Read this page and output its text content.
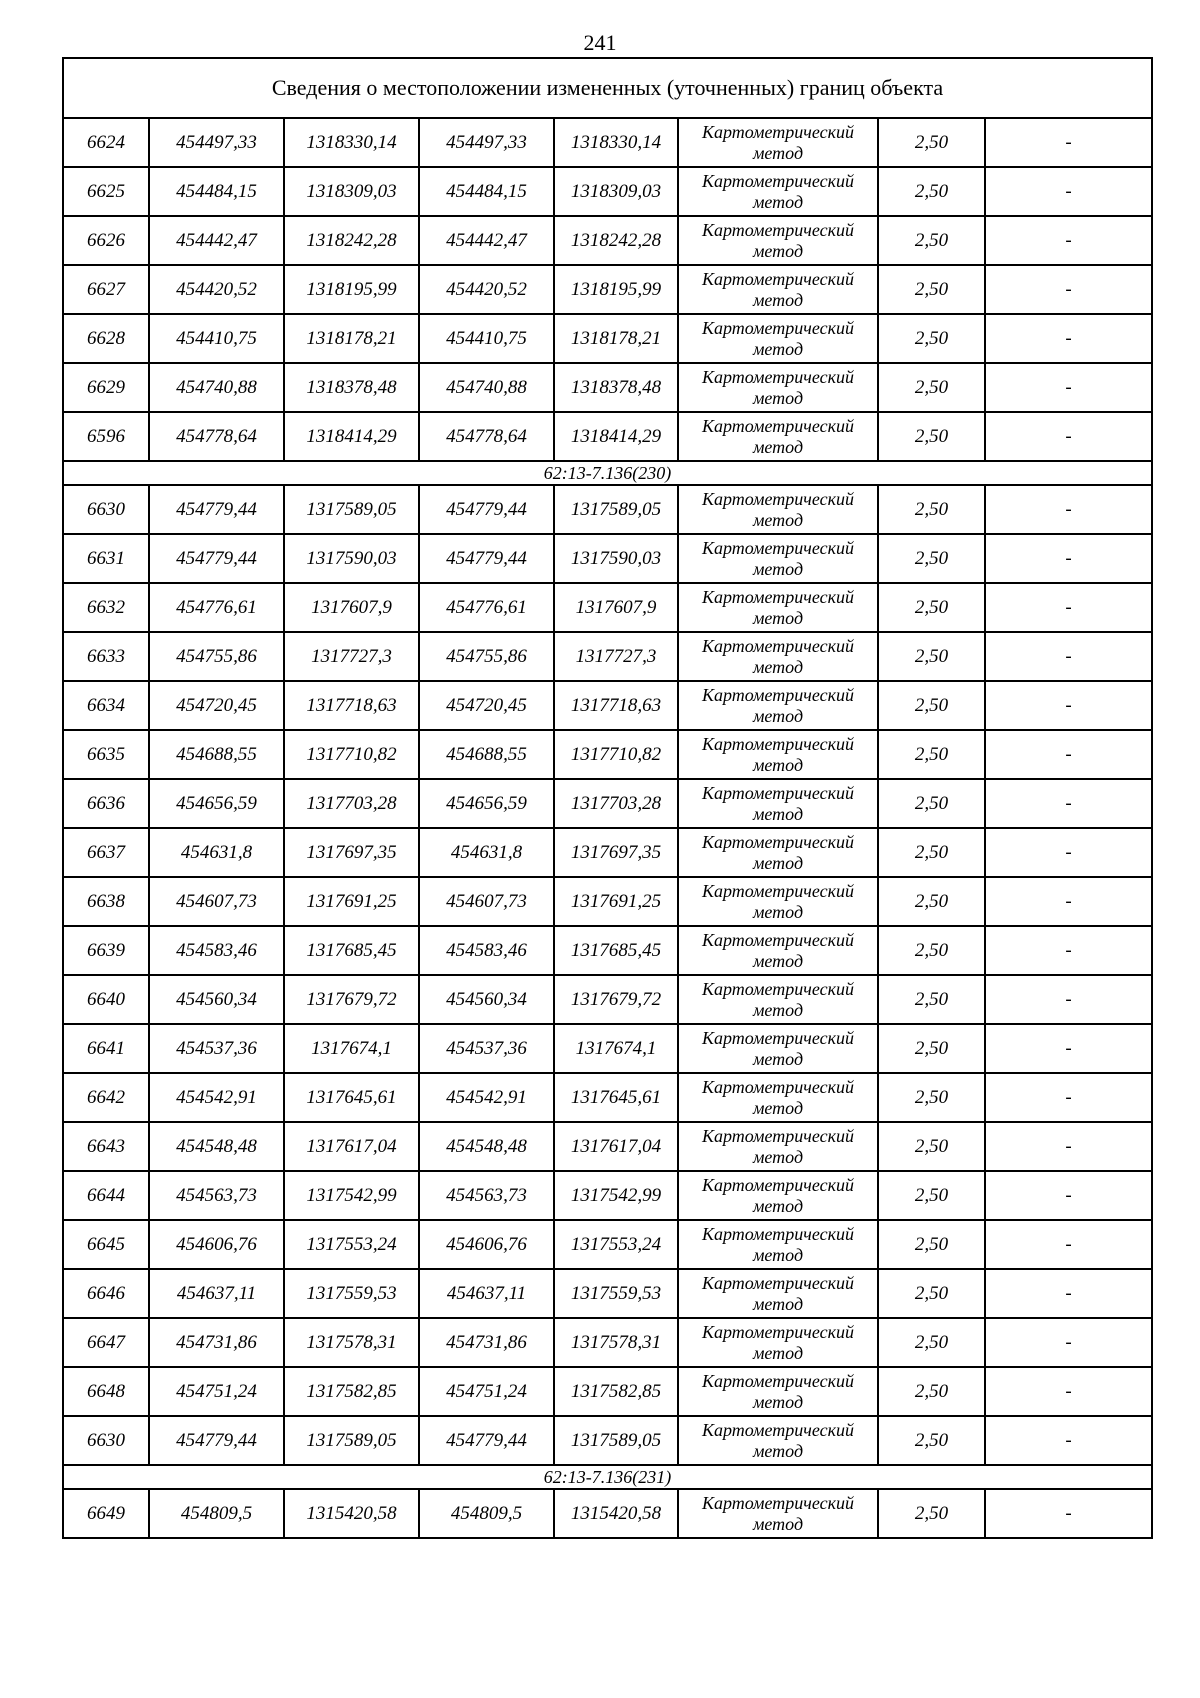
241
Сведения о местоположении измененных (уточненных) границ объекта							
6624	454497,33	1318330,14	454497,33	1318330,14	Картометрический метод	2,50	-
6625	454484,15	1318309,03	454484,15	1318309,03	Картометрический метод	2,50	-
6626	454442,47	1318242,28	454442,47	1318242,28	Картометрический метод	2,50	-
6627	454420,52	1318195,99	454420,52	1318195,99	Картометрический метод	2,50	-
6628	454410,75	1318178,21	454410,75	1318178,21	Картометрический метод	2,50	-
6629	454740,88	1318378,48	454740,88	1318378,48	Картометрический метод	2,50	-
6596	454778,64	1318414,29	454778,64	1318414,29	Картометрический метод	2,50	-
62:13-7.136(230)							
6630	454779,44	1317589,05	454779,44	1317589,05	Картометрический метод	2,50	-
6631	454779,44	1317590,03	454779,44	1317590,03	Картометрический метод	2,50	-
6632	454776,61	1317607,9	454776,61	1317607,9	Картометрический метод	2,50	-
6633	454755,86	1317727,3	454755,86	1317727,3	Картометрический метод	2,50	-
6634	454720,45	1317718,63	454720,45	1317718,63	Картометрический метод	2,50	-
6635	454688,55	1317710,82	454688,55	1317710,82	Картометрический метод	2,50	-
6636	454656,59	1317703,28	454656,59	1317703,28	Картометрический метод	2,50	-
6637	454631,8	1317697,35	454631,8	1317697,35	Картометрический метод	2,50	-
6638	454607,73	1317691,25	454607,73	1317691,25	Картометрический метод	2,50	-
6639	454583,46	1317685,45	454583,46	1317685,45	Картометрический метод	2,50	-
6640	454560,34	1317679,72	454560,34	1317679,72	Картометрический метод	2,50	-
6641	454537,36	1317674,1	454537,36	1317674,1	Картометрический метод	2,50	-
6642	454542,91	1317645,61	454542,91	1317645,61	Картометрический метод	2,50	-
6643	454548,48	1317617,04	454548,48	1317617,04	Картометрический метод	2,50	-
6644	454563,73	1317542,99	454563,73	1317542,99	Картометрический метод	2,50	-
6645	454606,76	1317553,24	454606,76	1317553,24	Картометрический метод	2,50	-
6646	454637,11	1317559,53	454637,11	1317559,53	Картометрический метод	2,50	-
6647	454731,86	1317578,31	454731,86	1317578,31	Картометрический метод	2,50	-
6648	454751,24	1317582,85	454751,24	1317582,85	Картометрический метод	2,50	-
6630	454779,44	1317589,05	454779,44	1317589,05	Картометрический метод	2,50	-
62:13-7.136(231)							
6649	454809,5	1315420,58	454809,5	1315420,58	Картометрический метод	2,50	-
